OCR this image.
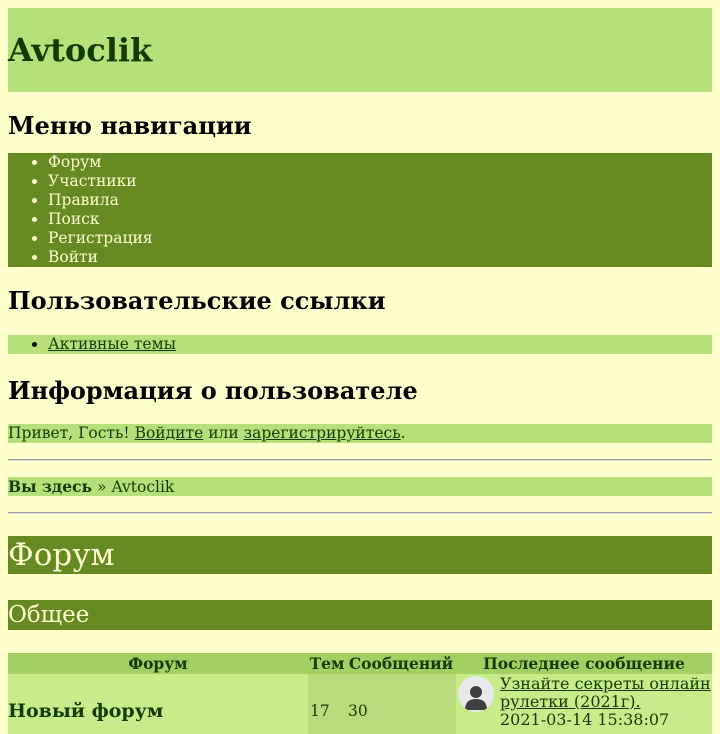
Avtoclik
Меню навигации
• Форум
• Участники
• Правила
• Поиск
• Регистрация
• Войти
Пользовательские ссылки
• Активные темы
Информация о пользователе
Привет, Гость! Войдите или зарегистрируйтесь.
Вы здесь » Avtoclik
Форум
Общее
Форум	Тем	Сообщений	Последнее сообщение

Новый форум	17	30	Узнайте секреты онлайн рулетки (2021г).
2021-03-14 15:38:07
